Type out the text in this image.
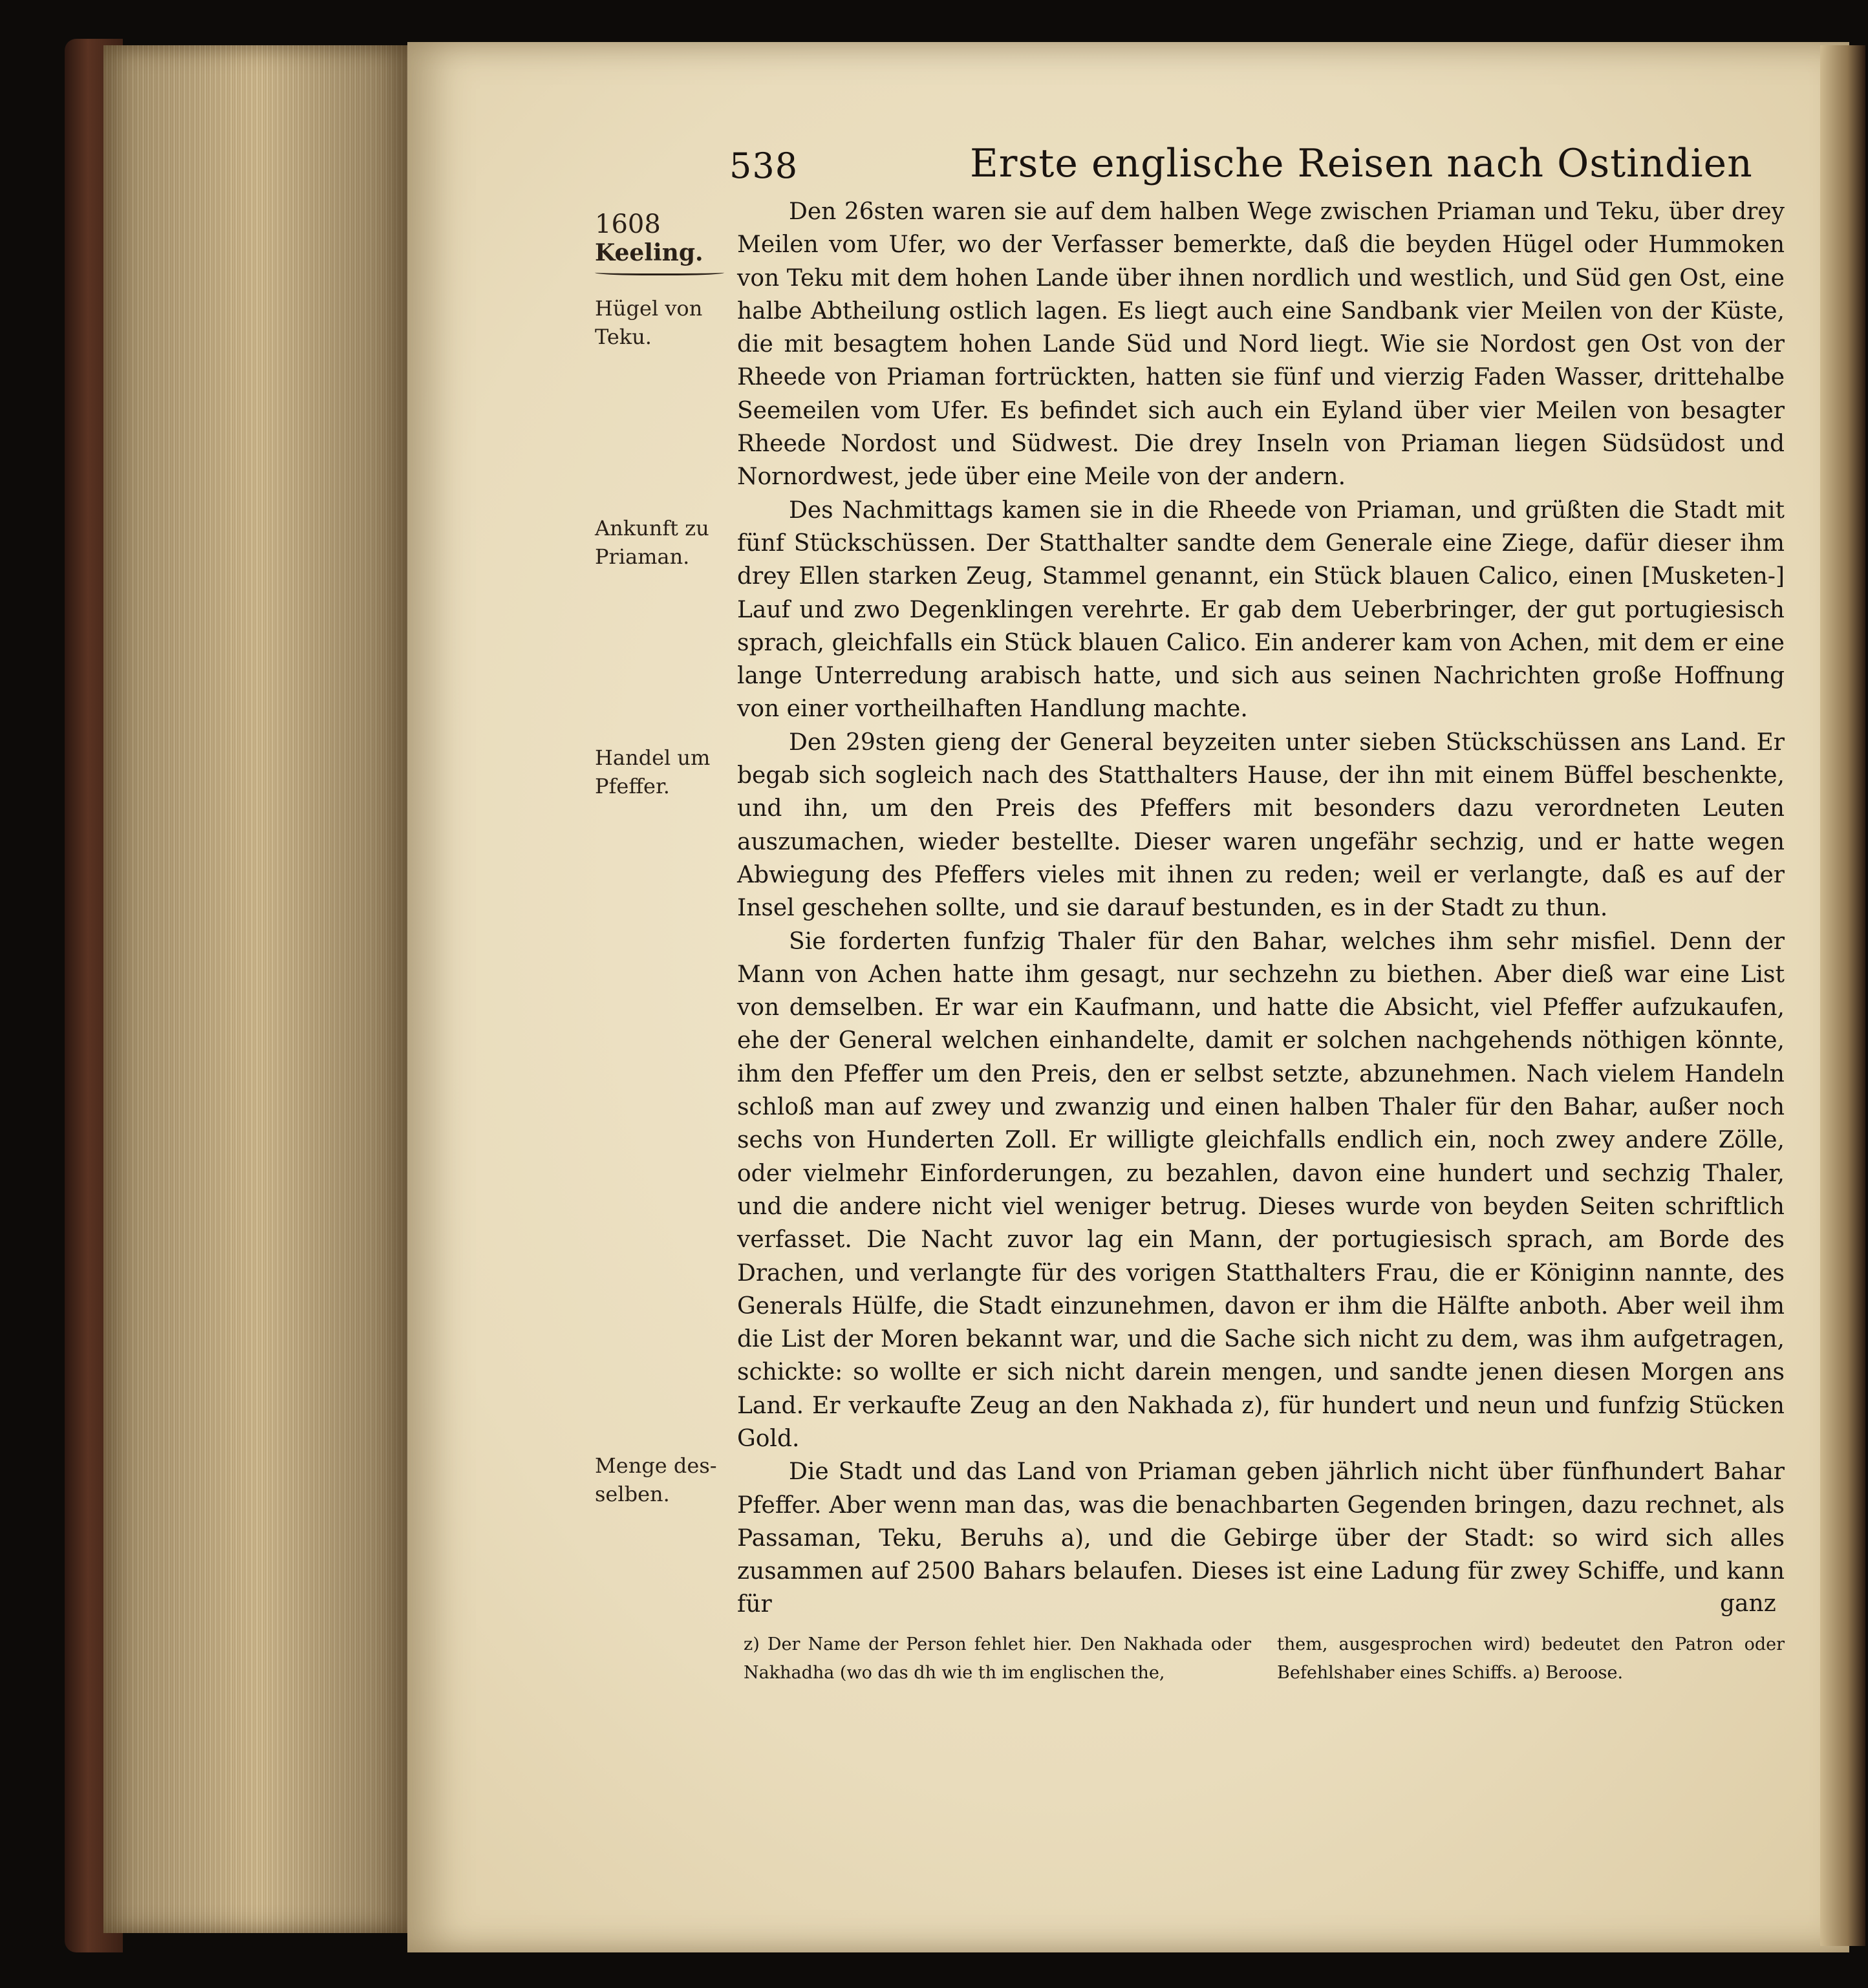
538	Erste englische Reisen nach Ostindien
1608
Keeling.
Hügel von
Teku.
Ankunft zu
Priaman.
Handel um
Pfeffer.
Menge des-
selben.

Den 26sten waren sie auf dem halben Wege zwischen Priaman und Teku, über drey Meilen vom Ufer, wo der Verfasser bemerkte, daß die beyden Hügel oder Hummoken von Teku mit dem hohen Lande über ihnen nordlich und westlich, und Süd gen Ost, eine halbe Abtheilung ostlich lagen. Es liegt auch eine Sandbank vier Meilen von der Küste, die mit besagtem hohen Lande Süd und Nord liegt. Wie sie Nordost gen Ost von der Rheede von Priaman fortrückten, hatten sie fünf und vierzig Faden Wasser, drittehalbe Seemeilen vom Ufer. Es befindet sich auch ein Eyland über vier Meilen von besagter Rheede Nordost und Südwest. Die drey Inseln von Priaman liegen Südsüdost und Nornordwest, jede über eine Meile von der andern.

Des Nachmittags kamen sie in die Rheede von Priaman, und grüßten die Stadt mit fünf Stückschüssen. Der Statthalter sandte dem Generale eine Ziege, dafür dieser ihm drey Ellen starken Zeug, Stammel genannt, ein Stück blauen Calico, einen [Musketen-] Lauf und zwo Degenklingen verehrte. Er gab dem Ueberbringer, der gut portugiesisch sprach, gleichfalls ein Stück blauen Calico. Ein anderer kam von Achen, mit dem er eine lange Unterredung arabisch hatte, und sich aus seinen Nachrichten große Hoffnung von einer vortheilhaften Handlung machte.

Den 29sten gieng der General beyzeiten unter sieben Stückschüssen ans Land. Er begab sich sogleich nach des Statthalters Hause, der ihn mit einem Büffel beschenkte, und ihn, um den Preis des Pfeffers mit besonders dazu verordneten Leuten auszumachen, wieder bestellte. Dieser waren ungefähr sechzig, und er hatte wegen Abwiegung des Pfeffers vieles mit ihnen zu reden; weil er verlangte, daß es auf der Insel geschehen sollte, und sie darauf bestunden, es in der Stadt zu thun.

Sie forderten funfzig Thaler für den Bahar, welches ihm sehr misfiel. Denn der Mann von Achen hatte ihm gesagt, nur sechzehn zu biethen. Aber dieß war eine List von demselben. Er war ein Kaufmann, und hatte die Absicht, viel Pfeffer aufzukaufen, ehe der General welchen einhandelte, damit er solchen nachgehends nöthigen könnte, ihm den Pfeffer um den Preis, den er selbst setzte, abzunehmen. Nach vielem Handeln schloß man auf zwey und zwanzig und einen halben Thaler für den Bahar, außer noch sechs von Hunderten Zoll. Er willigte gleichfalls endlich ein, noch zwey andere Zölle, oder vielmehr Einforderungen, zu bezahlen, davon eine hundert und sechzig Thaler, und die andere nicht viel weniger betrug. Dieses wurde von beyden Seiten schriftlich verfasset. Die Nacht zuvor lag ein Mann, der portugiesisch sprach, am Borde des Drachen, und verlangte für des vorigen Statthalters Frau, die er Königinn nannte, des Generals Hülfe, die Stadt einzunehmen, davon er ihm die Hälfte anboth. Aber weil ihm die List der Moren bekannt war, und die Sache sich nicht zu dem, was ihm aufgetragen, schickte: so wollte er sich nicht darein mengen, und sandte jenen diesen Morgen ans Land. Er verkaufte Zeug an den Nakhada z), für hundert und neun und funfzig Stücken Gold.

Die Stadt und das Land von Priaman geben jährlich nicht über fünfhundert Bahar Pfeffer. Aber wenn man das, was die benachbarten Gegenden bringen, dazu rechnet, als Passaman, Teku, Beruhs a), und die Gebirge über der Stadt: so wird sich alles zusammen auf 2500 Bahars belaufen. Dieses ist eine Ladung für zwey Schiffe, und kann für	ganz
z) Der Name der Person fehlet hier. Den Nakhada oder Nakhadha (wo das dh wie th im englischen the,
them, ausgesprochen wird) bedeutet den Patron oder Befehlshaber eines Schiffs. a) Beroose.
